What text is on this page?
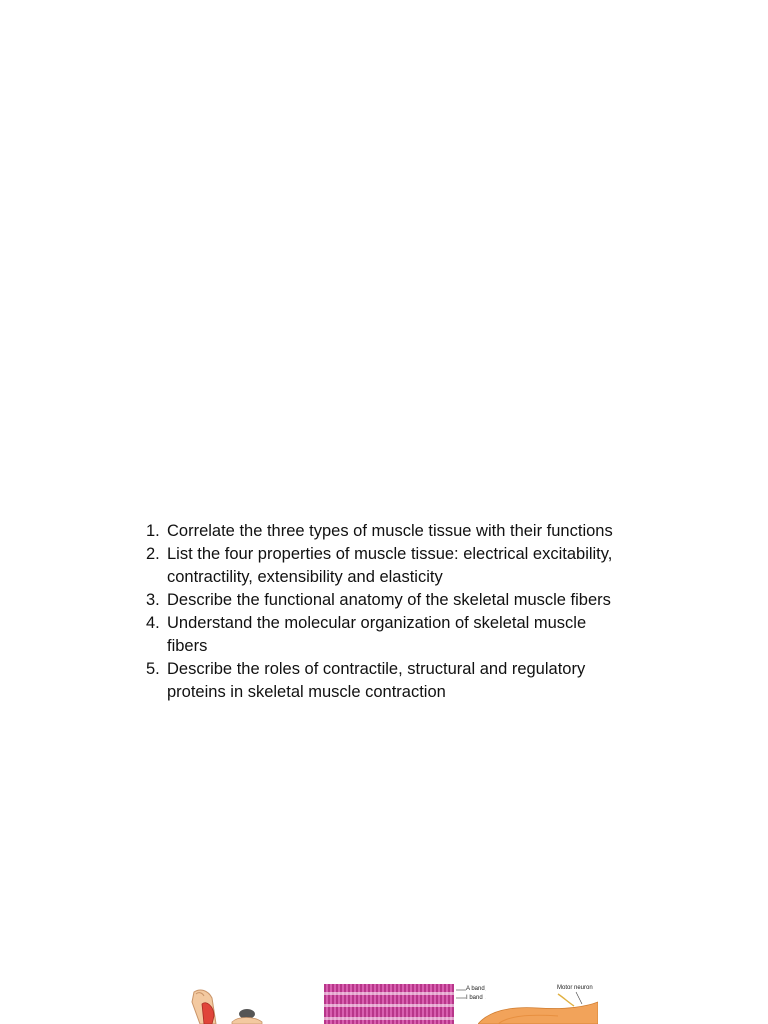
1. Correlate the three types of muscle tissue with their functions
2. List the four properties of muscle tissue: electrical excitability, contractility, extensibility and elasticity
3. Describe the functional anatomy of the skeletal muscle fibers
4. Understand the molecular organization of skeletal muscle fibers
5. Describe the roles of contractile, structural and regulatory proteins in skeletal muscle contraction
A band
I band
Motor neuron
